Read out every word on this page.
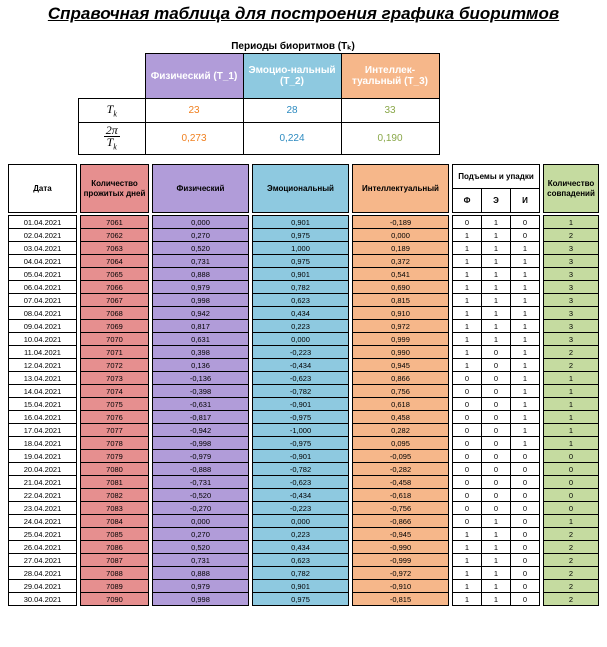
Справочная таблица для построения графика биоритмов
Периоды биоритмов (Тₖ)
	Физический (Т_1)	Эмоцио-нальный (Т_2)	Интеллек-туальный (Т_3)
$T_k$	23	28	33

$\frac{2\pi}{T_k}$	0,273	0,224	0,190
Дата		Количество прожитых дней		Физический		Эмоциональный		Интеллектуальный		Подъемы и упадки				Количество совпадений
										Ф	Э	И		

01.04.2021		7061		0,000		0,901		-0,189		0	1	0		1
02.04.2021		7062		0,270		0,975		0,000		1	1	0		2
03.04.2021		7063		0,520		1,000		0,189		1	1	1		3
04.04.2021		7064		0,731		0,975		0,372		1	1	1		3
05.04.2021		7065		0,888		0,901		0,541		1	1	1		3
06.04.2021		7066		0,979		0,782		0,690		1	1	1		3
07.04.2021		7067		0,998		0,623		0,815		1	1	1		3
08.04.2021		7068		0,942		0,434		0,910		1	1	1		3
09.04.2021		7069		0,817		0,223		0,972		1	1	1		3
10.04.2021		7070		0,631		0,000		0,999		1	1	1		3
11.04.2021		7071		0,398		-0,223		0,990		1	0	1		2
12.04.2021		7072		0,136		-0,434		0,945		1	0	1		2
13.04.2021		7073		-0,136		-0,623		0,866		0	0	1		1
14.04.2021		7074		-0,398		-0,782		0,756		0	0	1		1
15.04.2021		7075		-0,631		-0,901		0,618		0	0	1		1
16.04.2021		7076		-0,817		-0,975		0,458		0	0	1		1
17.04.2021		7077		-0,942		-1,000		0,282		0	0	1		1
18.04.2021		7078		-0,998		-0,975		0,095		0	0	1		1
19.04.2021		7079		-0,979		-0,901		-0,095		0	0	0		0
20.04.2021		7080		-0,888		-0,782		-0,282		0	0	0		0
21.04.2021		7081		-0,731		-0,623		-0,458		0	0	0		0
22.04.2021		7082		-0,520		-0,434		-0,618		0	0	0		0
23.04.2021		7083		-0,270		-0,223		-0,756		0	0	0		0
24.04.2021		7084		0,000		0,000		-0,866		0	1	0		1
25.04.2021		7085		0,270		0,223		-0,945		1	1	0		2
26.04.2021		7086		0,520		0,434		-0,990		1	1	0		2
27.04.2021		7087		0,731		0,623		-0,999		1	1	0		2
28.04.2021		7088		0,888		0,782		-0,972		1	1	0		2
29.04.2021		7089		0,979		0,901		-0,910		1	1	0		2
30.04.2021		7090		0,998		0,975		-0,815		1	1	0		2
